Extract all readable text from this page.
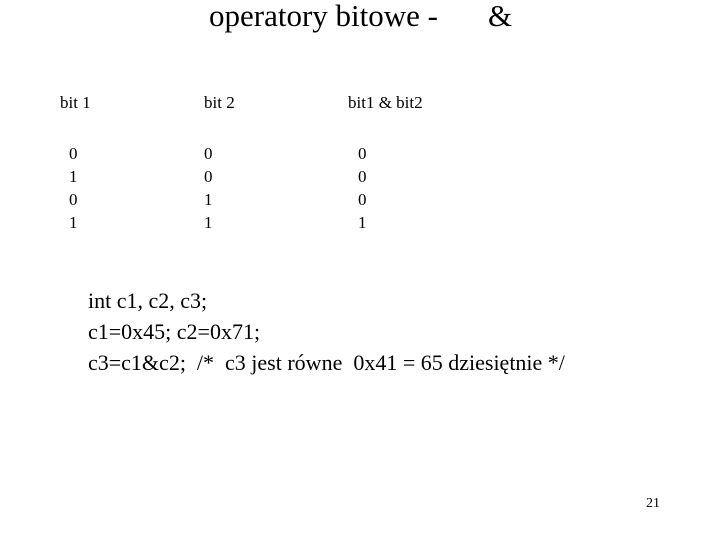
operatory bitowe -

&

bit 1	bit 2	bit1 & bit2
0
1
0
1
0
0
1
1
0
0
0
1
int c1, c2, c3;
c1=0x45; c2=0x71;
c3=c1&c2;  /*  c3 jest równe  0x41 = 65 dziesiętnie */
21
